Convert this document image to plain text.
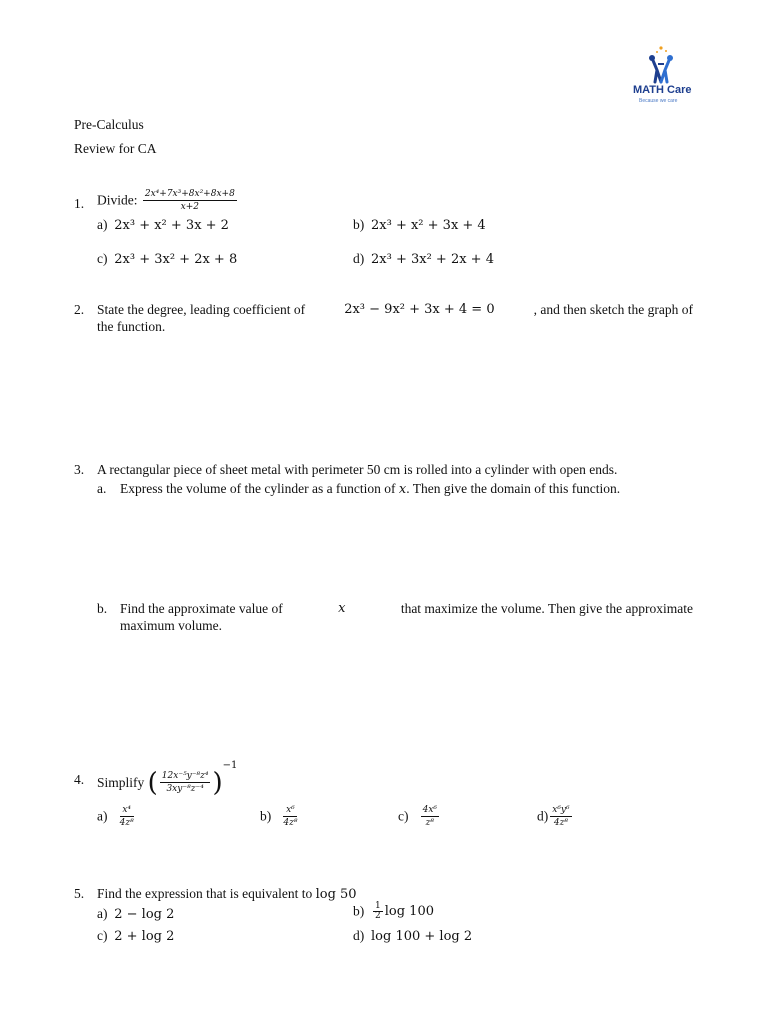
MATH Care
Because we care
Pre-Calculus
Review for CA
1. Divide: $\frac{\text{2x⁴+7x³+8x²+8x+8}}{x+2}$
a) 2x³ + x² + 3x + 2	b) 2x³ + x² + 3x + 4
c) 2x³ + 3x² + 2x + 8	d) 2x³ + 3x² + 2x + 4
2. State the degree, leading coefficient of	2x³ − 9x² + 3x + 4 = 0	, and then sketch the graph of
the function.
3. A rectangular piece of sheet metal with perimeter 50 cm is rolled into a cylinder with open ends.
a. Express the volume of the cylinder as a function of x. Then give the domain of this function.
b. Find the approximate value of	x	that maximize the volume. Then give the approximate
maximum volume.
4. Simplify ( $\frac{\text{12x⁻⁵y⁻⁸z⁴}}{\text{3xy⁻⁸z⁻⁴}} )^{-1}$
$a) \frac{\text{x⁴}}{\text{4z⁸}}$	$b) \frac{\text{x⁶}}{\text{4z⁸}}$	$c) \frac{\text{4x⁶}}{\text{z⁸}}$	$d) \frac{\text{x⁶y⁶}}{\text{4z⁸}}$
5. Find the expression that is equivalent to log 50
a) 2 − log 2	$b) \frac{1}{2}$ log 100
c) 2 + log 2	d) log 100 + log 2
